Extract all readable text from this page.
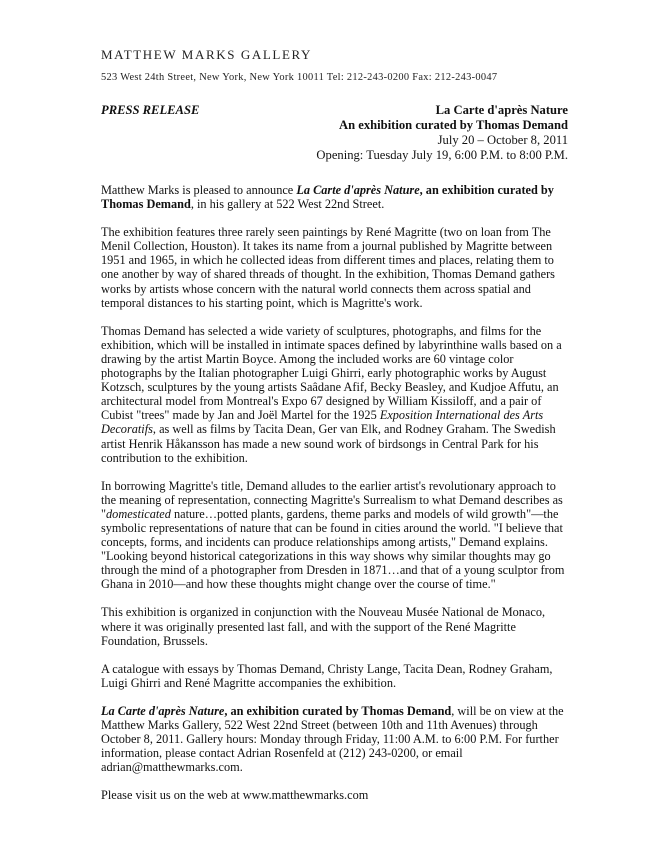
MATTHEW MARKS GALLERY
523 West 24th Street, New York, New York 10011 Tel: 212-243-0200 Fax: 212-243-0047
PRESS RELEASE	La Carte d'après Nature
An exhibition curated by Thomas Demand
July 20 – October 8, 2011
Opening: Tuesday July 19, 6:00 P.M. to 8:00 P.M.

Matthew Marks is pleased to announce La Carte d'après Nature, an exhibition curated by Thomas Demand, in his gallery at 522 West 22nd Street.

The exhibition features three rarely seen paintings by René Magritte (two on loan from The Menil Collection, Houston). It takes its name from a journal published by Magritte between 1951 and 1965, in which he collected ideas from different times and places, relating them to one another by way of shared threads of thought. In the exhibition, Thomas Demand gathers works by artists whose concern with the natural world connects them across spatial and temporal distances to his starting point, which is Magritte's work.

Thomas Demand has selected a wide variety of sculptures, photographs, and films for the exhibition, which will be installed in intimate spaces defined by labyrinthine walls based on a drawing by the artist Martin Boyce. Among the included works are 60 vintage color photographs by the Italian photographer Luigi Ghirri, early photographic works by August Kotzsch, sculptures by the young artists Saâdane Afif, Becky Beasley, and Kudjoe Affutu, an architectural model from Montreal's Expo 67 designed by William Kissiloff, and a pair of Cubist "trees" made by Jan and Joël Martel for the 1925 Exposition International des Arts Decoratifs, as well as films by Tacita Dean, Ger van Elk, and Rodney Graham. The Swedish artist Henrik Håkansson has made a new sound work of birdsongs in Central Park for his contribution to the exhibition.

In borrowing Magritte's title, Demand alludes to the earlier artist's revolutionary approach to the meaning of representation, connecting Magritte's Surrealism to what Demand describes as "domesticated nature…potted plants, gardens, theme parks and models of wild growth"—the symbolic representations of nature that can be found in cities around the world. "I believe that concepts, forms, and incidents can produce relationships among artists," Demand explains. "Looking beyond historical categorizations in this way shows why similar thoughts may go through the mind of a photographer from Dresden in 1871…and that of a young sculptor from Ghana in 2010—and how these thoughts might change over the course of time."

This exhibition is organized in conjunction with the Nouveau Musée National de Monaco, where it was originally presented last fall, and with the support of the René Magritte Foundation, Brussels.

A catalogue with essays by Thomas Demand, Christy Lange, Tacita Dean, Rodney Graham, Luigi Ghirri and René Magritte accompanies the exhibition.

La Carte d'après Nature, an exhibition curated by Thomas Demand, will be on view at the Matthew Marks Gallery, 522 West 22nd Street (between 10th and 11th Avenues) through October 8, 2011. Gallery hours: Monday through Friday, 11:00 A.M. to 6:00 P.M. For further information, please contact Adrian Rosenfeld at (212) 243-0200, or email adrian@matthewmarks.com.

Please visit us on the web at www.matthewmarks.com
